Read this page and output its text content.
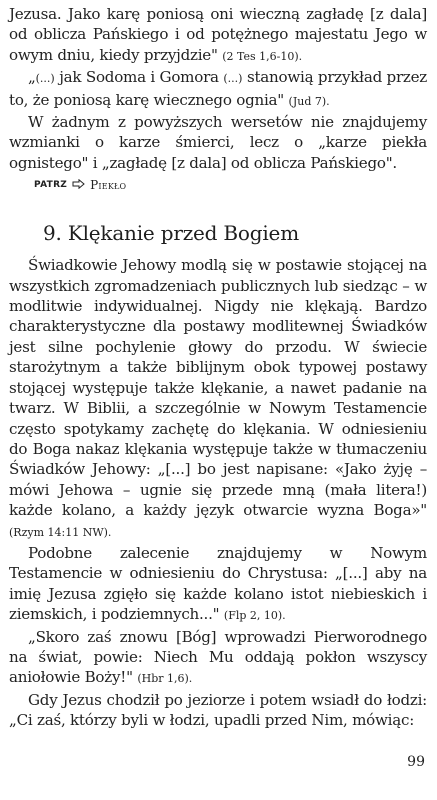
Jezusa. Jako karę poniosą oni wieczną zagładę [z dala] od oblicza Pańskiego i od potężnego majestatu Jego w owym dniu, kiedy przyjdzie" (2 Tes 1,6-10).

„(...) jak Sodoma i Gomora (...) stanowią przykład przez to, że poniosą karę wiecznego ognia" (Jud 7).

W żadnym z powyższych wersetów nie znajdujemy wzmianki o karze śmierci, lecz o „karze piekła ognistego" i „zagładę [z dala] od oblicza Pańskiego".

PATRZ Piekło
9. Klękanie przed Bogiem

Świadkowie Jehowy modlą się w postawie stojącej na wszystkich zgromadzeniach publicznych lub siedząc – w modlitwie indywidualnej. Nigdy nie klękają. Bardzo charakterystyczne dla postawy modlitewnej Świadków jest silne pochylenie głowy do przodu. W świecie starożytnym a także biblijnym obok typowej postawy stojącej występuje także klękanie, a nawet padanie na twarz. W Biblii, a szczególnie w Nowym Testamencie często spotykamy zachętę do klękania. W odniesieniu do Boga nakaz klękania występuje także w tłumaczeniu Świadków Jehowy: „[...] bo jest napisane: «Jako żyję – mówi Jehowa – ugnie się przede mną (mała litera!) każde kolano, a każdy język otwarcie wyzna Boga»" (Rzym 14:11 NW).

Podobne zalecenie znajdujemy w Nowym Testamencie w odniesieniu do Chrystusa: „[...] aby na imię Jezusa zgięło się każde kolano istot niebieskich i ziemskich, i podziemnych..." (Flp 2, 10).

„Skoro zaś znowu [Bóg] wprowadzi Pierworodnego na świat, powie: Niech Mu oddają pokłon wszyscy aniołowie Boży!" (Hbr 1,6).

Gdy Jezus chodził po jeziorze i potem wsiadł do łodzi: „Ci zaś, którzy byli w łodzi, upadli przed Nim, mówiąc:

99
